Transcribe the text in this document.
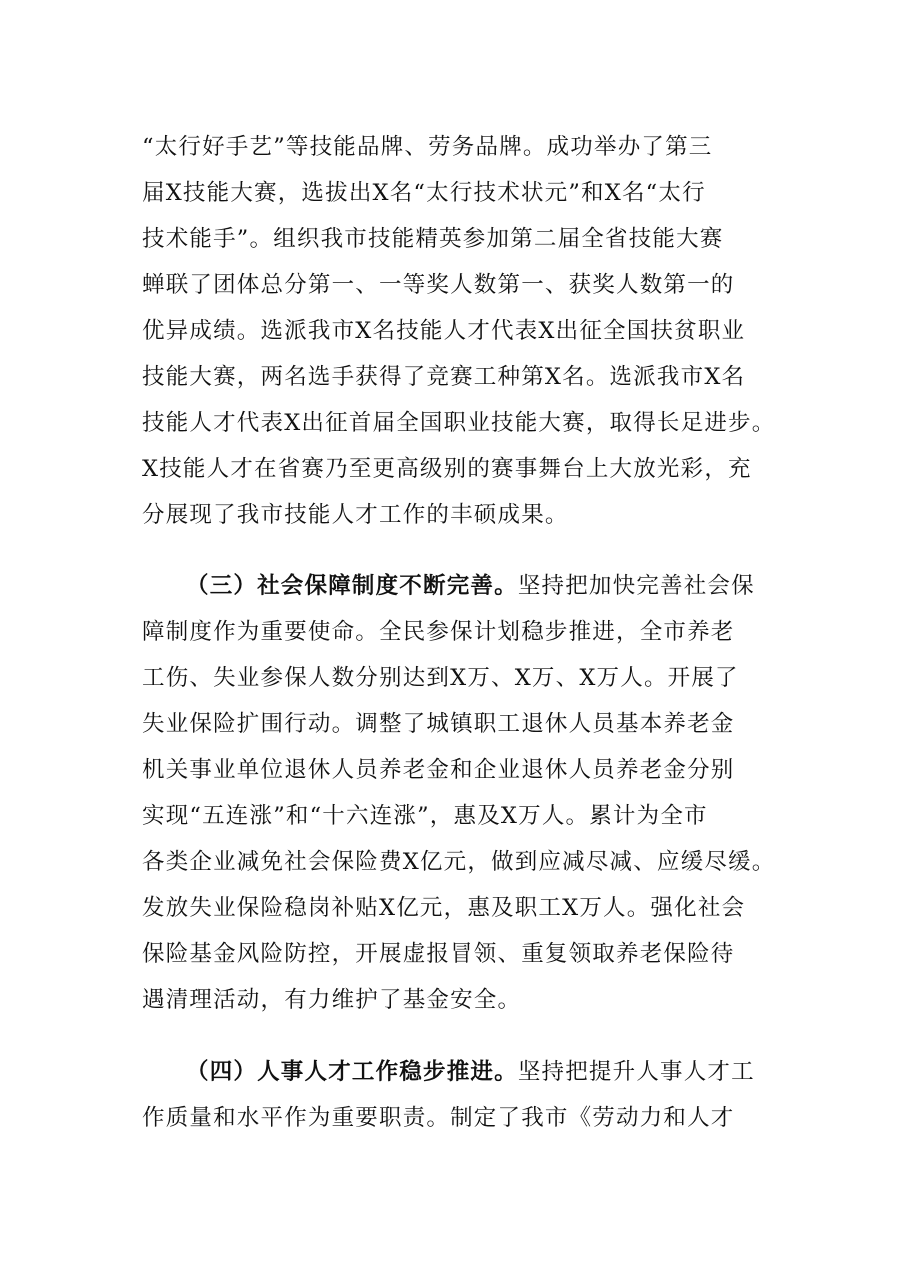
“太行好手艺”等技能品牌、劳务品牌。成功举办了第三
届X技能大赛，选拔出X名“太行技术状元”和X名“太行
技术能手”。组织我市技能精英参加第二届全省技能大赛
蝉联了团体总分第一、一等奖人数第一、获奖人数第一的
优异成绩。选派我市X名技能人才代表X出征全国扶贫职业
技能大赛，两名选手获得了竞赛工种第X名。选派我市X名
技能人才代表X出征首届全国职业技能大赛，取得长足进步。
X技能人才在省赛乃至更高级别的赛事舞台上大放光彩，充
分展现了我市技能人才工作的丰硕成果。
（三）社会保障制度不断完善。坚持把加快完善社会保
障制度作为重要使命。全民参保计划稳步推进，全市养老
工伤、失业参保人数分别达到X万、X万、X万人。开展了
失业保险扩围行动。调整了城镇职工退休人员基本养老金
机关事业单位退休人员养老金和企业退休人员养老金分别
实现“五连涨”和“十六连涨”，惠及X万人。累计为全市
各类企业减免社会保险费X亿元，做到应减尽减、应缓尽缓。
发放失业保险稳岗补贴X亿元，惠及职工X万人。强化社会
保险基金风险防控，开展虚报冒领、重复领取养老保险待
遇清理活动，有力维护了基金安全。
（四）人事人才工作稳步推进。坚持把提升人事人才工
作质量和水平作为重要职责。制定了我市《劳动力和人才
